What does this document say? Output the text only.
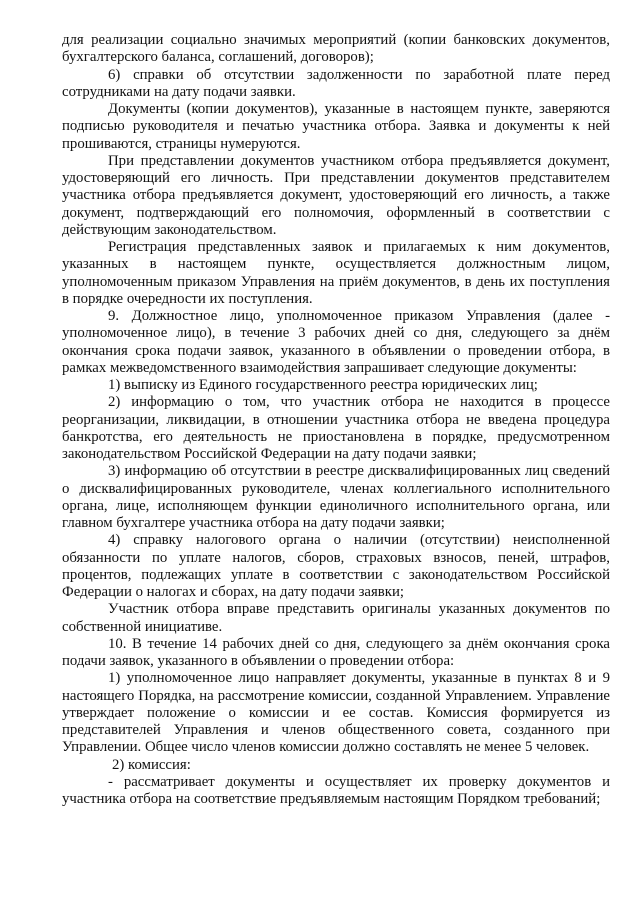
для реализации социально значимых мероприятий (копии банковских документов, бухгалтерского баланса, соглашений, договоров);

6) справки об отсутствии задолженности по заработной плате перед сотрудниками на дату подачи заявки.

Документы (копии документов), указанные в настоящем пункте, заверяются подписью руководителя и печатью участника отбора. Заявка и документы к ней прошиваются, страницы нумеруются.

При представлении документов участником отбора предъявляется документ, удостоверяющий его личность. При представлении документов представителем участника отбора предъявляется документ, удостоверяющий его личность, а также документ, подтверждающий его полномочия, оформленный в соответствии с действующим законодательством.

Регистрация представленных заявок и прилагаемых к ним документов, указанных в настоящем пункте, осуществляется должностным лицом, уполномоченным приказом Управления на приём документов, в день их поступления в порядке очередности их поступления.

9. Должностное лицо, уполномоченное приказом Управления (далее - уполномоченное лицо), в течение 3 рабочих дней со дня, следующего за днём окончания срока подачи заявок, указанного в объявлении о проведении отбора, в рамках межведомственного взаимодействия запрашивает следующие документы:

1) выписку из Единого государственного реестра юридических лиц;

2) информацию о том, что участник отбора не находится в процессе реорганизации, ликвидации, в отношении участника отбора не введена процедура банкротства, его деятельность не приостановлена в порядке, предусмотренном законодательством Российской Федерации на дату подачи заявки;

3) информацию об отсутствии в реестре дисквалифицированных лиц сведений о дисквалифицированных руководителе, членах коллегиального исполнительного органа, лице, исполняющем функции единоличного исполнительного органа, или главном бухгалтере участника отбора на дату подачи заявки;

4) справку налогового органа о наличии (отсутствии) неисполненной обязанности по уплате налогов, сборов, страховых взносов, пеней, штрафов, процентов, подлежащих уплате в соответствии с законодательством Российской Федерации о налогах и сборах, на дату подачи заявки;

Участник отбора вправе представить оригиналы указанных документов по собственной инициативе.

10. В течение 14 рабочих дней со дня, следующего за днём окончания срока подачи заявок, указанного в объявлении о проведении отбора:

1) уполномоченное лицо направляет документы, указанные в пунктах 8 и 9 настоящего Порядка, на рассмотрение комиссии, созданной Управлением. Управление утверждает положение о комиссии и ее состав. Комиссия формируется из представителей Управления и членов общественного совета, созданного при Управлении. Общее число членов комиссии должно составлять не менее 5 человек.

2) комиссия:

- рассматривает документы и осуществляет их проверку документов и участника отбора на соответствие предъявляемым настоящим Порядком требований;
